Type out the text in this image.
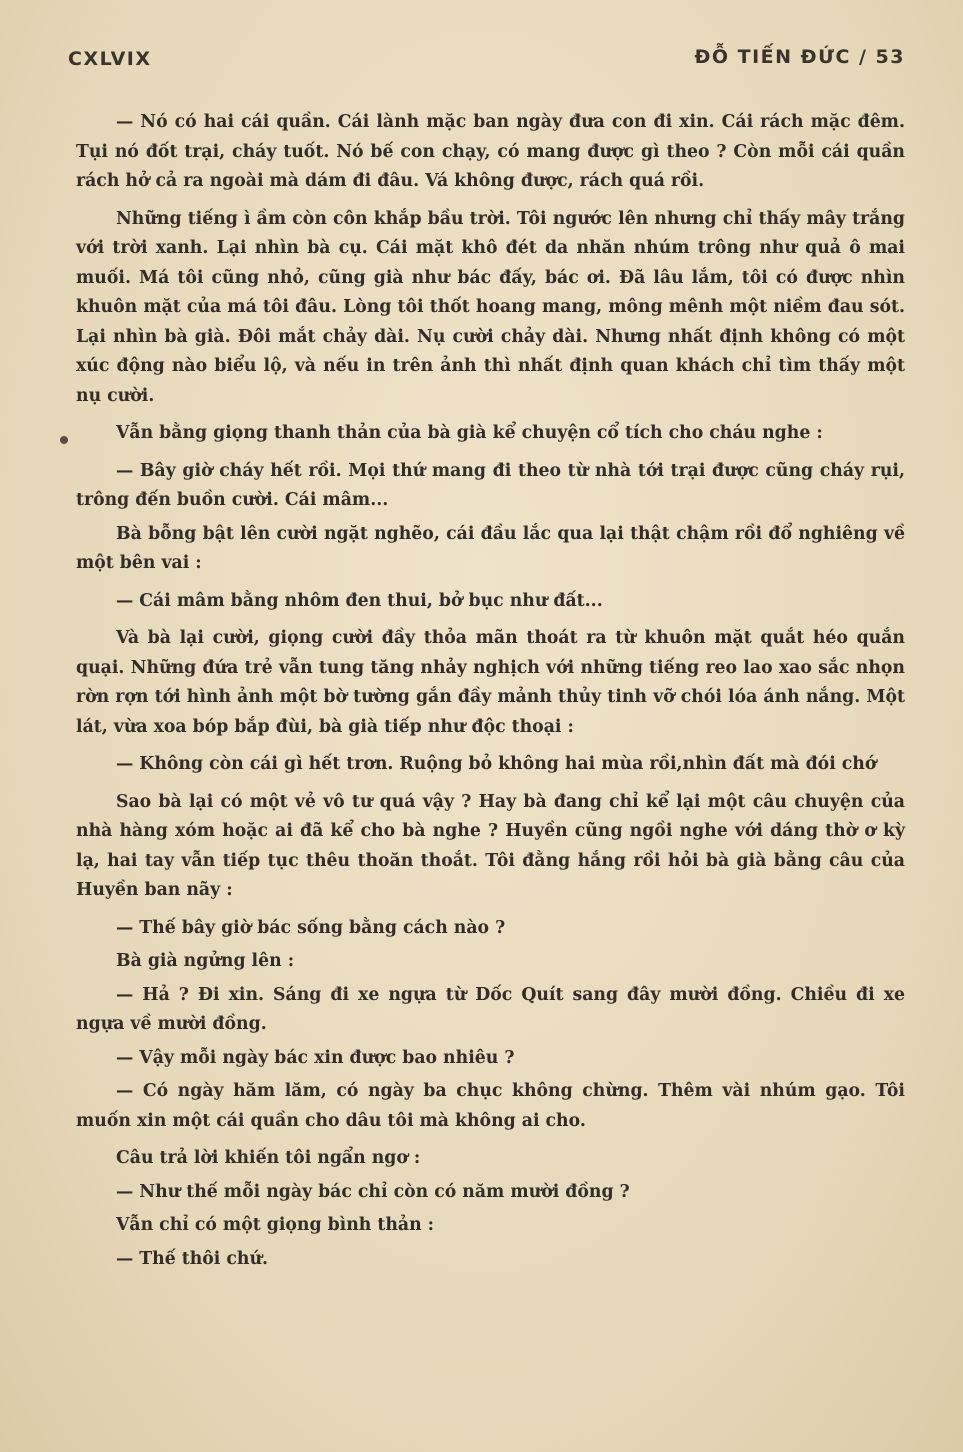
CXLVIX	ĐỖ TIẾN ĐỨC / 53

— Nó có hai cái quần. Cái lành mặc ban ngày đưa con đi xin. Cái rách mặc đêm. Tụi nó đốt trại, cháy tuốt. Nó bế con chạy, có mang được gì theo ? Còn mỗi cái quần rách hở cả ra ngoài mà dám đi đâu. Vá không được, rách quá rồi.

Những tiếng ì ầm còn côn khắp bầu trời. Tôi ngước lên nhưng chỉ thấy mây trắng với trời xanh. Lại nhìn bà cụ. Cái mặt khô đét da nhăn nhúm trông như quả ô mai muối. Má tôi cũng nhỏ, cũng già như bác đấy, bác ơi. Đã lâu lắm, tôi có được nhìn khuôn mặt của má tôi đâu. Lòng tôi thốt hoang mang, mông mênh một niềm đau sót. Lại nhìn bà già. Đôi mắt chảy dài. Nụ cười chảy dài. Nhưng nhất định không có một xúc động nào biểu lộ, và nếu in trên ảnh thì nhất định quan khách chỉ tìm thấy một nụ cười.

Vẫn bằng giọng thanh thản của bà già kể chuyện cổ tích cho cháu nghe :

— Bây giờ cháy hết rồi. Mọi thứ mang đi theo từ nhà tới trại được cũng cháy rụi, trông đến buồn cười. Cái mâm...

Bà bỗng bật lên cười ngặt nghẽo, cái đầu lắc qua lại thật chậm rồi đổ nghiêng về một bên vai :

— Cái mâm bằng nhôm đen thui, bở bục như đất...

Và bà lại cười, giọng cười đầy thỏa mãn thoát ra từ khuôn mặt quắt héo quắn quại. Những đứa trẻ vẫn tung tăng nhảy nghịch với những tiếng reo lao xao sắc nhọn rờn rợn tới hình ảnh một bờ tường gắn đầy mảnh thủy tinh vỡ chói lóa ánh nắng. Một lát, vừa xoa bóp bắp đùi, bà già tiếp như độc thoại :

— Không còn cái gì hết trơn. Ruộng bỏ không hai mùa rồi,nhìn đất mà đói chớ

Sao bà lại có một vẻ vô tư quá vậy ? Hay bà đang chỉ kể lại một câu chuyện của nhà hàng xóm hoặc ai đã kể cho bà nghe ? Huyền cũng ngồi nghe với dáng thờ ơ kỳ lạ, hai tay vẫn tiếp tục thêu thoăn thoắt. Tôi đằng hắng rồi hỏi bà già bằng câu của Huyền ban nãy :

— Thế bây giờ bác sống bằng cách nào ?

Bà già ngửng lên :

— Hả ? Đi xin. Sáng đi xe ngựa từ Dốc Quít sang đây mười đồng. Chiều đi xe ngựa về mười đồng.

— Vậy mỗi ngày bác xin được bao nhiêu ?

— Có ngày hăm lăm, có ngày ba chục không chừng. Thêm vài nhúm gạo. Tôi muốn xin một cái quần cho dâu tôi mà không ai cho.

Câu trả lời khiến tôi ngẩn ngơ :

— Như thế mỗi ngày bác chỉ còn có năm mười đồng ?

Vẫn chỉ có một giọng bình thản :

— Thế thôi chứ.
